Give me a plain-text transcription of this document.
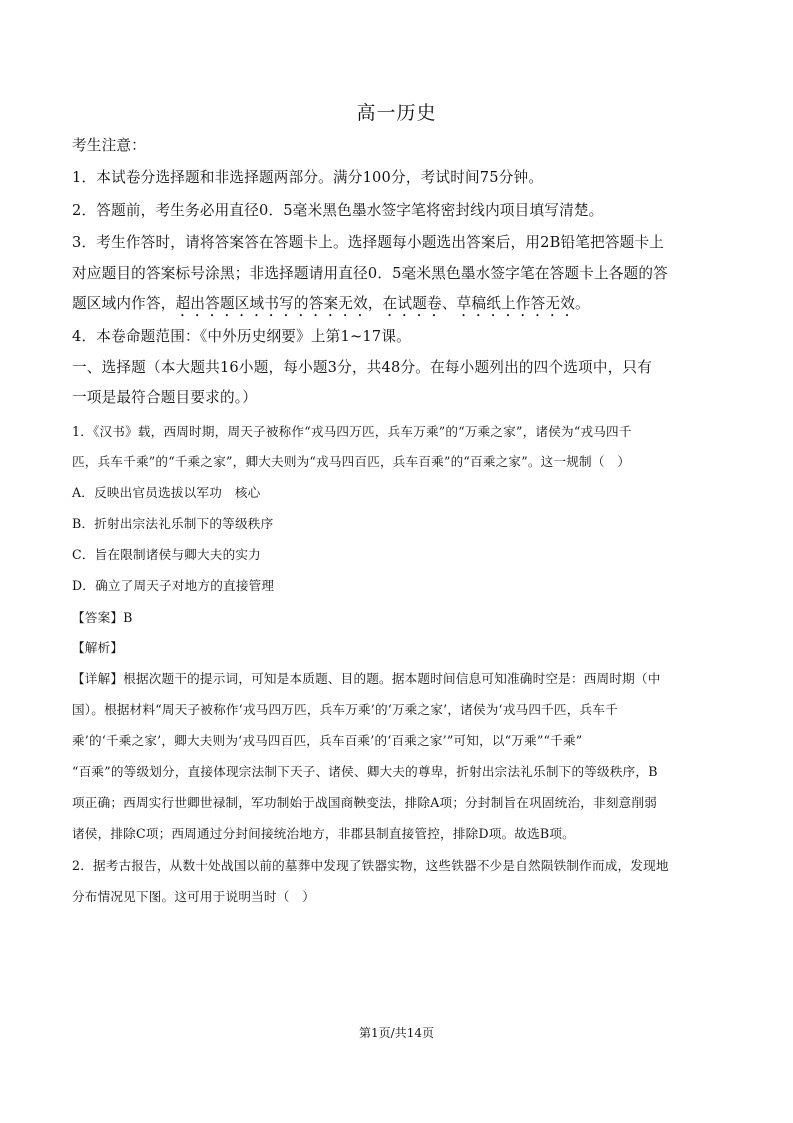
高一历史
考生注意：
1．本试卷分选择题和非选择题两部分。满分100分，考试时间75分钟。
2．答题前，考生务必用直径0．5毫米黑色墨水签字笔将密封线内项目填写清楚。
3．考生作答时，请将答案答在答题卡上。选择题每小题选出答案后，用2B铅笔把答题卡上
对应题目的答案标号涂黑；非选择题请用直径0．5毫米黑色墨水签字笔在答题卡上各题的答
题区域内作答，超出答题区域书写的答案无效，在试题卷、草稿纸上作答无效。
4．本卷命题范围：《中外历史纲要》上第1~17课。
一、选择题（本大题共16小题，每小题3分，共48分。在每小题列出的四个选项中，只有
一项是最符合题目要求的。）
1．《汉书》载，西周时期，周天子被称作“戎马四万匹，兵车万乘”的“万乘之家”，诸侯为“戎马四千
匹，兵车千乘”的“千乘之家”，卿大夫则为“戎马四百匹，兵车百乘”的“百乘之家”。这一规制（　）
A．反映出官员选拔以军功　核心
B．折射出宗法礼乐制下的等级秩序
C．旨在限制诸侯与卿大夫的实力
D．确立了周天子对地方的直接管理
【答案】B
【解析】
【详解】根据次题干的提示词，可知是本质题、目的题。据本题时间信息可知准确时空是：西周时期（中
国）。根据材料“周天子被称作‘戎马四万匹，兵车万乘’的‘万乘之家’，诸侯为‘戎马四千匹，兵车千
乘’的‘千乘之家’，卿大夫则为‘戎马四百匹，兵车百乘’的‘百乘之家’”可知，以“万乘”“千乘”
“百乘”的等级划分，直接体现宗法制下天子、诸侯、卿大夫的尊卑，折射出宗法礼乐制下的等级秩序，B
项正确；西周实行世卿世禄制，军功制始于战国商鞅变法，排除A项；分封制旨在巩固统治，非刻意削弱
诸侯，排除C项；西周通过分封间接统治地方，非郡县制直接管控，排除D项。故选B项。
2．据考古报告，从数十处战国以前的墓葬中发现了铁器实物，这些铁器不少是自然陨铁制作而成，发现地
分布情况见下图。这可用于说明当时（　）
第1页/共14页
